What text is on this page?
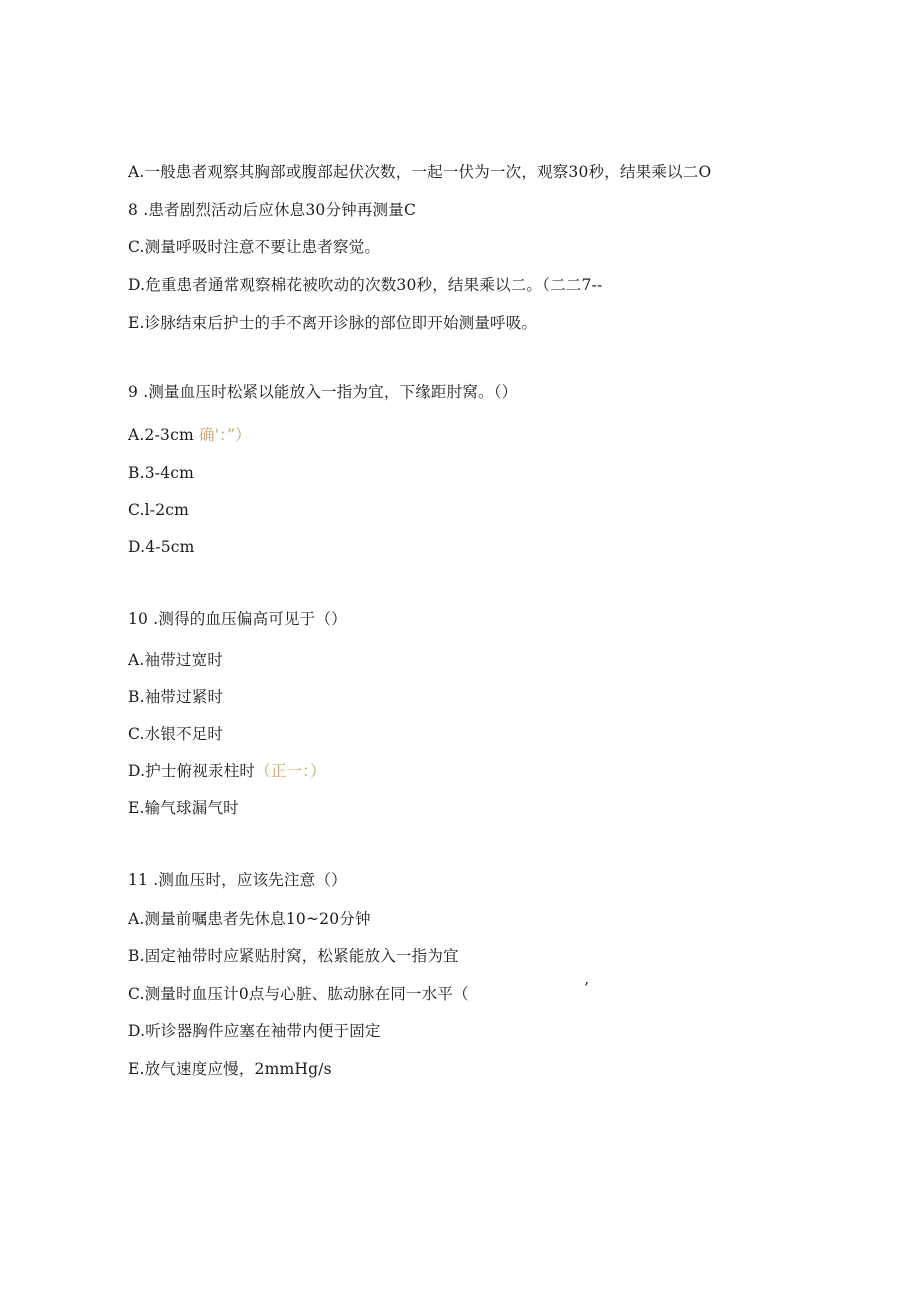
A.一般患者观察其胸部或腹部起伏次数，一起一伏为一次，观察30秒，结果乘以二O
8 .患者剧烈活动后应休息30分钟再测量C
C.测量呼吸时注意不要让患者察觉。
D.危重患者通常观察棉花被吹动的次数30秒，结果乘以二。（二二7--
E.诊脉结束后护士的手不离开诊脉的部位即开始测量呼吸。
9 .测量血压时松紧以能放入一指为宜，下缘距肘窝。（）
A.2-3cm 确'：”）
B.3-4cm
C.l-2cm
D.4-5cm
10 .测得的血压偏高可见于（）
A.袖带过宽时
B.袖带过紧时
C.水银不足时
D.护士俯视汞柱时（正一：）
E.输气球漏气时
11 .测血压时，应该先注意（）
A.测量前嘱患者先休息10~20分钟
B.固定袖带时应紧贴肘窝，松紧能放入一指为宜
C.测量时血压计0点与心脏、肱动脉在同一水平（	’
D.听诊器胸件应塞在袖带内便于固定
E.放气速度应慢，2mmHg∕s
